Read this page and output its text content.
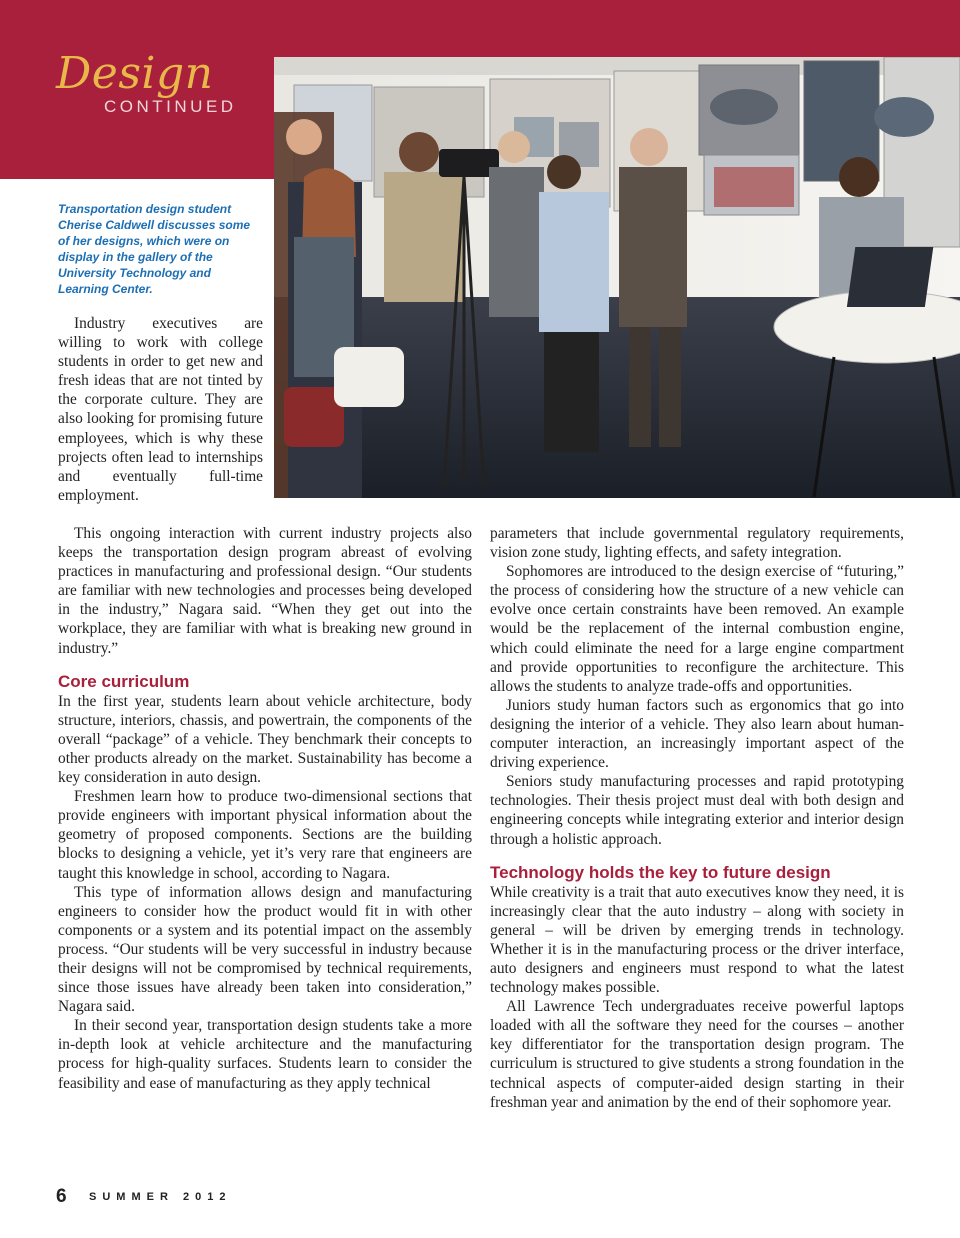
Design
CONTINUED

Transportation design student Cherise Caldwell discusses some of her designs, which were on display in the gallery of the University Technology and Learning Center.

Industry executives are willing to work with college students in order to get new and fresh ideas that are not tinted by the corporate culture. They are also looking for promising future employees, which is why these projects often lead to internships and eventually full-time employment.

This ongoing interaction with current industry projects also keeps the transportation design program abreast of evolving practices in manufacturing and professional design. “Our students are familiar with new technologies and processes being developed in the industry,” Nagara said. “When they get out into the workplace, they are familiar with what is breaking new ground in industry.”

Core curriculum

In the first year, students learn about vehicle architecture, body structure, interiors, chassis, and powertrain, the components of the overall “package” of a vehicle. They benchmark their concepts to other products already on the market. Sustainability has become a key consideration in auto design.

Freshmen learn how to produce two-dimensional sections that provide engineers with important physical information about the geometry of proposed components. Sections are the building blocks to designing a vehicle, yet it’s very rare that engineers are taught this knowledge in school, according to Nagara.

This type of information allows design and manufacturing engineers to consider how the product would fit in with other components or a system and its potential impact on the assembly process. “Our students will be very successful in industry because their designs will not be compromised by technical requirements, since those issues have already been taken into consideration,” Nagara said.

In their second year, transportation design students take a more in-depth look at vehicle architecture and the manufacturing process for high-quality surfaces. Students learn to consider the feasibility and ease of manufacturing as they apply technical

parameters that include governmental regulatory requirements, vision zone study, lighting effects, and safety integration.

Sophomores are introduced to the design exercise of “futuring,” the process of considering how the structure of a new vehicle can evolve once certain constraints have been removed. An example would be the replacement of the internal combustion engine, which could eliminate the need for a large engine compartment and provide opportunities to reconfigure the architecture. This allows the students to analyze trade-offs and opportunities.

Juniors study human factors such as ergonomics that go into designing the interior of a vehicle. They also learn about human-computer interaction, an increasingly important aspect of the driving experience.

Seniors study manufacturing processes and rapid prototyping technologies. Their thesis project must deal with both design and engineering concepts while integrating exterior and interior design through a holistic approach.

Technology holds the key to future design

While creativity is a trait that auto executives know they need, it is increasingly clear that the auto industry – along with society in general – will be driven by emerging trends in technology. Whether it is in the manufacturing process or the driver interface, auto designers and engineers must respond to what the latest technology makes possible.

All Lawrence Tech undergraduates receive powerful laptops loaded with all the software they need for the courses – another key differentiator for the transportation design program. The curriculum is structured to give students a strong foundation in the technical aspects of computer-aided design starting in their freshman year and animation by the end of their sophomore year.

6 SUMMER 2012
